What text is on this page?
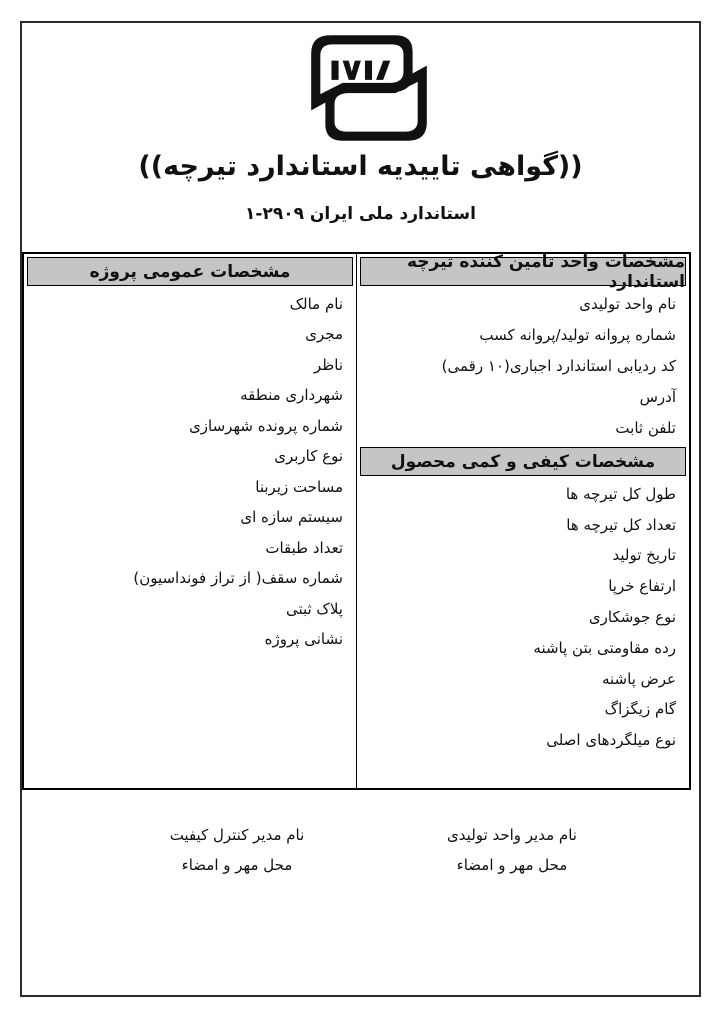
((گواهی تاییدیه استاندارد تیرچه))
استاندارد ملی ایران ۲۹۰۹-۱
مشخصات واحد تامین کننده تیرچه استاندارد
نام واحد تولیدی
شماره پروانه تولید/پروانه کسب
کد ردیابی استاندارد اجباری(۱۰ رقمی)
آدرس
تلفن ثابت
مشخصات کیفی و کمی محصول
طول کل تیرچه ها
تعداد کل تیرچه ها
تاریخ تولید
ارتفاع خرپا
نوع جوشکاری
رده مقاومتی بتن پاشنه
عرض پاشنه
گام زیگزاگ
نوع میلگردهای اصلی
مشخصات عمومی پروژه
نام مالک
مجری
ناظر
شهرداری منطقه
شماره پرونده شهرسازی
نوع کاربری
مساحت زیربنا
سیستم سازه ای
تعداد طبقات
شماره سقف( از تراز فونداسیون)
پلاک ثبتی
نشانی پروژه
نام مدیر واحد تولیدی
محل مهر و امضاء
نام مدیر کنترل کیفیت
محل مهر و امضاء
